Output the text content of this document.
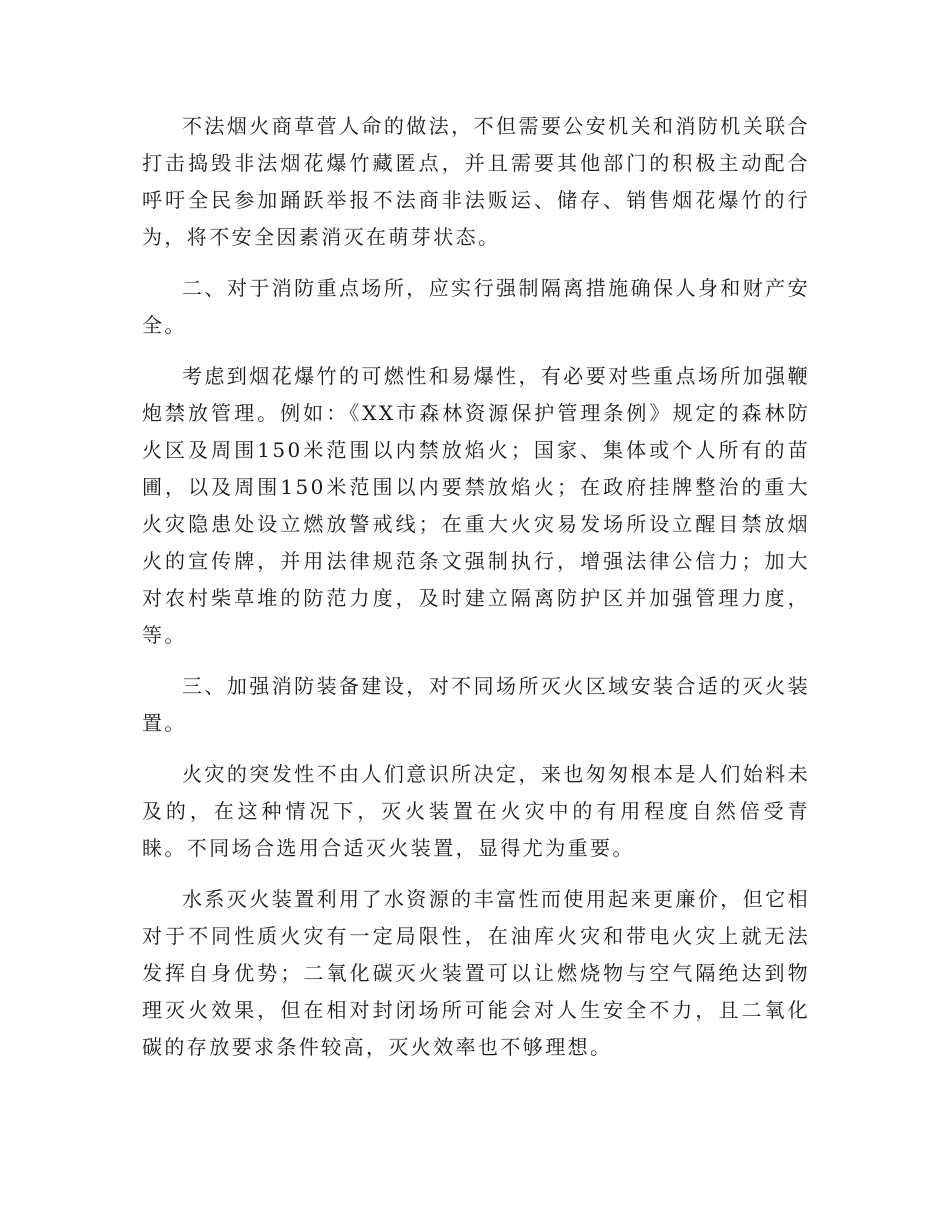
不法烟火商草菅人命的做法，不但需要公安机关和消防机关联合打击捣毁非法烟花爆竹藏匿点，并且需要其他部门的积极主动配合呼吁全民参加踊跃举报不法商非法贩运、储存、销售烟花爆竹的行为，将不安全因素消灭在萌芽状态。

二、对于消防重点场所，应实行强制隔离措施确保人身和财产安全。

考虑到烟花爆竹的可燃性和易爆性，有必要对些重点场所加强鞭炮禁放管理。例如：《XX市森林资源保护管理条例》规定的森林防火区及周围150米范围以内禁放焰火；国家、集体或个人所有的苗圃，以及周围150米范围以内要禁放焰火；在政府挂牌整治的重大火灾隐患处设立燃放警戒线；在重大火灾易发场所设立醒目禁放烟火的宣传牌，并用法律规范条文强制执行，增强法律公信力；加大对农村柴草堆的防范力度，及时建立隔离防护区并加强管理力度，等。

三、加强消防装备建设，对不同场所灭火区域安装合适的灭火装置。

火灾的突发性不由人们意识所决定，来也匆匆根本是人们始料未及的，在这种情况下，灭火装置在火灾中的有用程度自然倍受青睐。不同场合选用合适灭火装置，显得尤为重要。

水系灭火装置利用了水资源的丰富性而使用起来更廉价，但它相对于不同性质火灾有一定局限性，在油库火灾和带电火灾上就无法发挥自身优势；二氧化碳灭火装置可以让燃烧物与空气隔绝达到物理灭火效果，但在相对封闭场所可能会对人生安全不力，且二氧化碳的存放要求条件较高，灭火效率也不够理想。
